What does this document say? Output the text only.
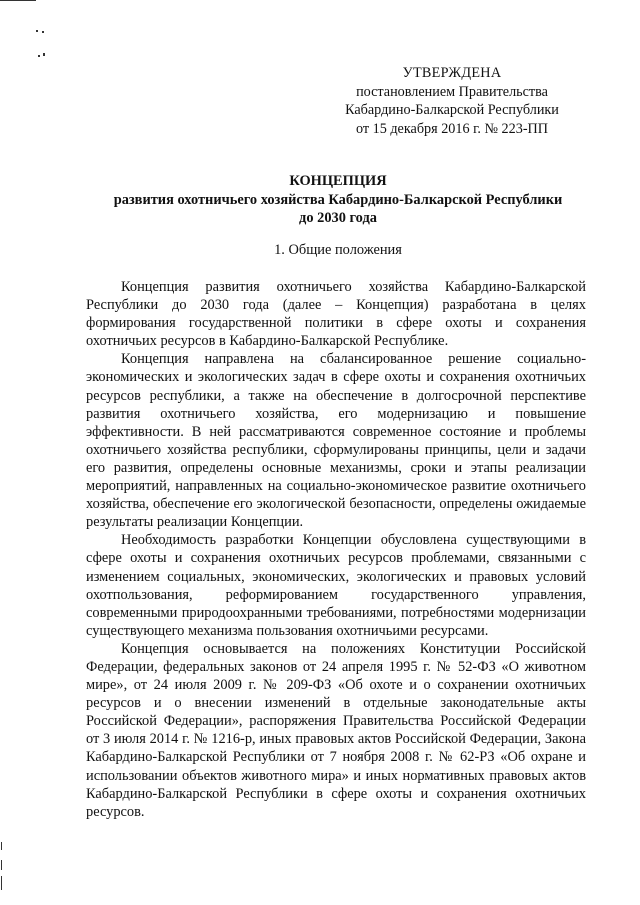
УТВЕРЖДЕНА
постановлением Правительства
Кабардино-Балкарской Республики
от 15 декабря 2016 г. № 223-ПП
КОНЦЕПЦИЯ
развития охотничьего хозяйства Кабардино-Балкарской Республики
до 2030 года
1. Общие положения

Концепция развития охотничьего хозяйства Кабардино-Балкарской Республики до 2030 года (далее – Концепция) разработана в целях формирования государственной политики в сфере охоты и сохранения охотничьих ресурсов в Кабардино-Балкарской Республике.

Концепция направлена на сбалансированное решение социально-экономических и экологических задач в сфере охоты и сохранения охотничьих ресурсов республики, а также на обеспечение в долгосрочной перспективе развития охотничьего хозяйства, его модернизацию и повышение эффективности. В ней рассматриваются современное состояние и проблемы охотничьего хозяйства республики, сформулированы принципы, цели и задачи его развития, определены основные механизмы, сроки и этапы реализации мероприятий, направленных на социально-экономическое развитие охотничьего хозяйства, обеспечение его экологической безопасности, определены ожидаемые результаты реализации Концепции.

Необходимость разработки Концепции обусловлена существующими в сфере охоты и сохранения охотничьих ресурсов проблемами, связанными с изменением социальных, экономических, экологических и правовых условий охотпользования, реформированием государственного управления, современными природоохранными требованиями, потребностями модернизации существующего механизма пользования охотничьими ресурсами.

Концепция основывается на положениях Конституции Российской Федерации, федеральных законов от 24 апреля 1995 г. № 52-ФЗ «О животном мире», от 24 июля 2009 г. № 209-ФЗ «Об охоте и о сохранении охотничьих ресурсов и о внесении изменений в отдельные законодательные акты Российской Федерации», распоряжения Правительства Российской Федерации от 3 июля 2014 г. № 1216-р, иных правовых актов Российской Федерации, Закона Кабардино-Балкарской Республики от 7 ноября 2008 г. № 62-РЗ «Об охране и использовании объектов животного мира» и иных нормативных правовых актов Кабардино-Балкарской Республики в сфере охоты и сохранения охотничьих ресурсов.
